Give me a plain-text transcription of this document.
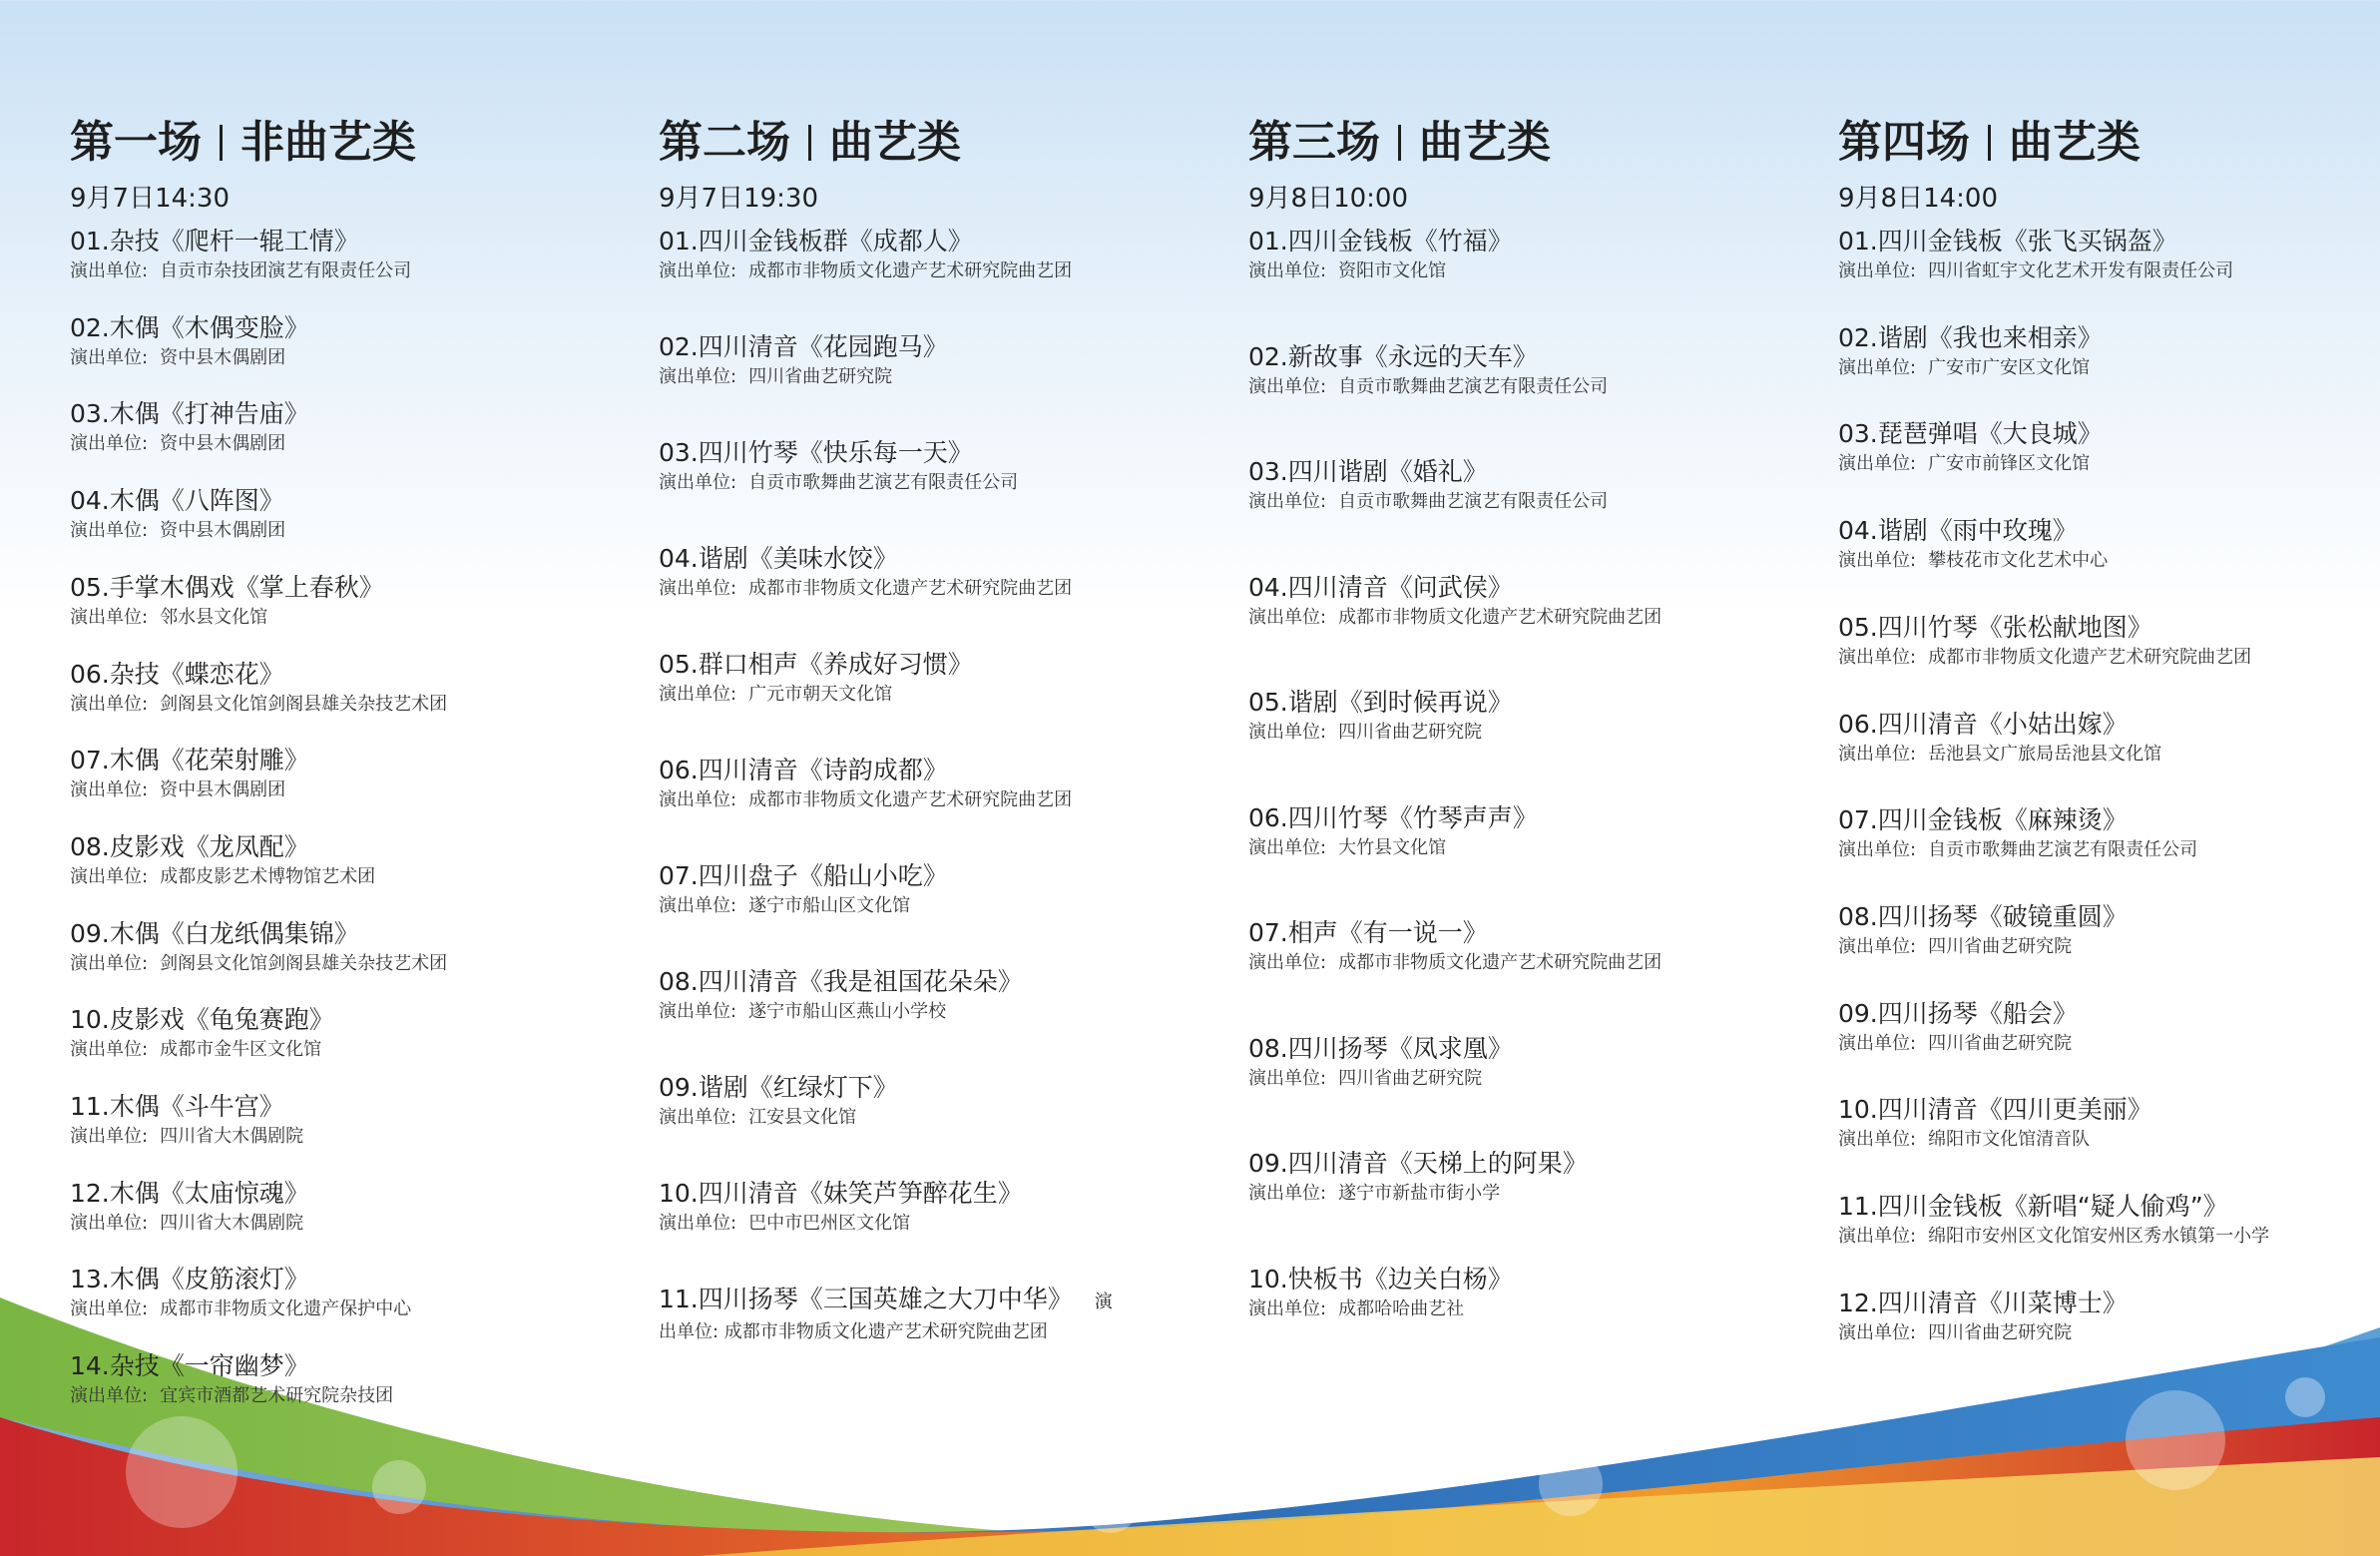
第一场 非曲艺类
9月7日14:30
01.杂技《爬杆一辊工情》
演出单位: 自贡市杂技团演艺有限责任公司
02.木偶《木偶变脸》
演出单位: 资中县木偶剧团
03.木偶《打神告庙》
演出单位: 资中县木偶剧团
04.木偶《八阵图》
演出单位: 资中县木偶剧团
05.手掌木偶戏《掌上春秋》
演出单位: 邻水县文化馆
06.杂技《蝶恋花》
演出单位: 剑阁县文化馆剑阁县雄关杂技艺术团
07.木偶《花荣射雕》
演出单位: 资中县木偶剧团
08.皮影戏《龙凤配》
演出单位: 成都皮影艺术博物馆艺术团
09.木偶《白龙纸偶集锦》
演出单位: 剑阁县文化馆剑阁县雄关杂技艺术团
10.皮影戏《龟兔赛跑》
演出单位: 成都市金牛区文化馆
11.木偶《斗牛宫》
演出单位: 四川省大木偶剧院
12.木偶《太庙惊魂》
演出单位: 四川省大木偶剧院
13.木偶《皮筋滚灯》
演出单位: 成都市非物质文化遗产保护中心
14.杂技《一帘幽梦》
演出单位: 宜宾市酒都艺术研究院杂技团
第二场 曲艺类
9月7日19:30
01.四川金钱板群《成都人》
演出单位: 成都市非物质文化遗产艺术研究院曲艺团
02.四川清音《花园跑马》
演出单位: 四川省曲艺研究院
03.四川竹琴《快乐每一天》
演出单位: 自贡市歌舞曲艺演艺有限责任公司
04.谐剧《美味水饺》
演出单位: 成都市非物质文化遗产艺术研究院曲艺团
05.群口相声《养成好习惯》
演出单位: 广元市朝天文化馆
06.四川清音《诗韵成都》
演出单位: 成都市非物质文化遗产艺术研究院曲艺团
07.四川盘子《船山小吃》
演出单位: 遂宁市船山区文化馆
08.四川清音《我是祖国花朵朵》
演出单位: 遂宁市船山区燕山小学校
09.谐剧《红绿灯下》
演出单位: 江安县文化馆
10.四川清音《妹笑芦笋醉花生》
演出单位: 巴中市巴州区文化馆
11.四川扬琴《三国英雄之大刀中华》 演
出单位: 成都市非物质文化遗产艺术研究院曲艺团
第三场 曲艺类
9月8日10:00
01.四川金钱板《竹福》
演出单位: 资阳市文化馆
02.新故事《永远的天车》
演出单位: 自贡市歌舞曲艺演艺有限责任公司
03.四川谐剧《婚礼》
演出单位: 自贡市歌舞曲艺演艺有限责任公司
04.四川清音《问武侯》
演出单位: 成都市非物质文化遗产艺术研究院曲艺团
05.谐剧《到时候再说》
演出单位: 四川省曲艺研究院
06.四川竹琴《竹琴声声》
演出单位: 大竹县文化馆
07.相声《有一说一》
演出单位: 成都市非物质文化遗产艺术研究院曲艺团
08.四川扬琴《凤求凰》
演出单位: 四川省曲艺研究院
09.四川清音《天梯上的阿果》
演出单位: 遂宁市新盐市街小学
10.快板书《边关白杨》
演出单位: 成都哈哈曲艺社
第四场 曲艺类
9月8日14:00
01.四川金钱板《张飞买锅盔》
演出单位: 四川省虹宇文化艺术开发有限责任公司
02.谐剧《我也来相亲》
演出单位: 广安市广安区文化馆
03.琵琶弹唱《大良城》
演出单位: 广安市前锋区文化馆
04.谐剧《雨中玫瑰》
演出单位: 攀枝花市文化艺术中心
05.四川竹琴《张松献地图》
演出单位: 成都市非物质文化遗产艺术研究院曲艺团
06.四川清音《小姑出嫁》
演出单位: 岳池县文广旅局岳池县文化馆
07.四川金钱板《麻辣烫》
演出单位: 自贡市歌舞曲艺演艺有限责任公司
08.四川扬琴《破镜重圆》
演出单位: 四川省曲艺研究院
09.四川扬琴《船会》
演出单位: 四川省曲艺研究院
10.四川清音《四川更美丽》
演出单位: 绵阳市文化馆清音队
11.四川金钱板《新唱“疑人偷鸡”》
演出单位: 绵阳市安州区文化馆安州区秀水镇第一小学
12.四川清音《川菜博士》
演出单位: 四川省曲艺研究院
